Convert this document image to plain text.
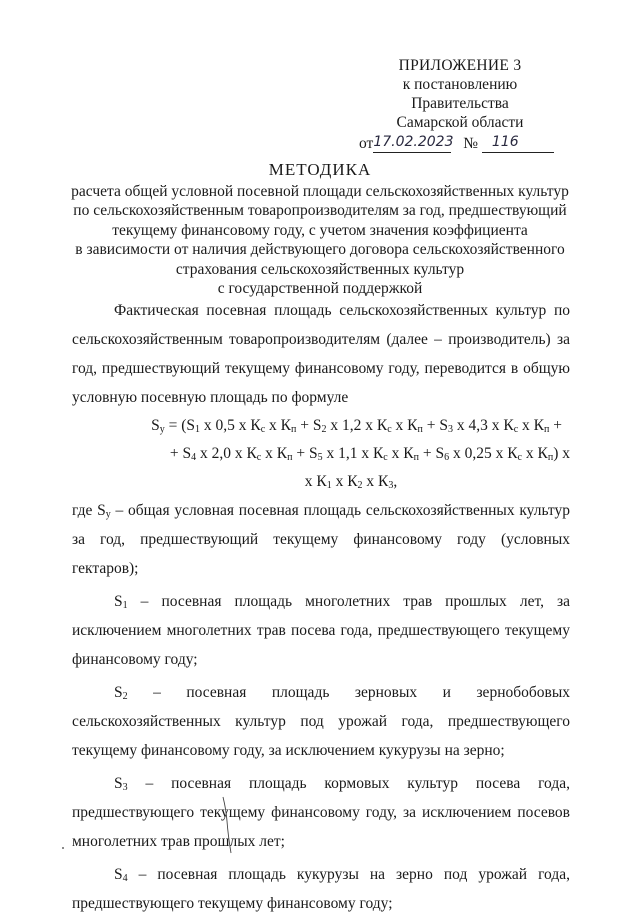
ПРИЛОЖЕНИЕ 3
к постановлению Правительства
Самарской области
от17.02.2023 № 116
МЕТОДИКА
расчета общей условной посевной площади сельскохозяйственных культур
по сельскохозяйственным товаропроизводителям за год, предшествующий
текущему финансовому году, с учетом значения коэффициента
в зависимости от наличия действующего договора сельскохозяйственного
страхования сельскохозяйственных культур
с государственной поддержкой

Фактическая посевная площадь сельскохозяйственных культур по сельскохозяйственным товаропроизводителям (далее – производитель) за год, предшествующий текущему финансовому году, переводится в общую условную посевную площадь по формуле

$S_у = (S_1$ x 0,5 x $К_с$ x $К_п + S_2$ x 1,2 x $К_с$ x $К_п + S_3$ x 4,3 x $К_с$ x $К_п$ +

+ $S_4$ x 2,0 x $К_с$ x $К_п + S_5$ x 1,1 x $К_с$ x $К_п + S_6$ x 0,25 x $К_с$ x $К_п$) x

x $К_1$ x $К_2$ x $К_3$,

где $S_у$ – общая условная посевная площадь сельскохозяйственных культур за год, предшествующий текущему финансовому году (условных гектаров);

$S_1$ – посевная площадь многолетних трав прошлых лет, за исключением многолетних трав посева года, предшествующего текущему финансовому году;

$S_2$ – посевная площадь зерновых и зернобобовых сельскохозяйственных культур под урожай года, предшествующего текущему финансовому году, за исключением кукурузы на зерно;

$S_3$ – посевная площадь кормовых культур посева года, предшествующего текущему финансовому году, за исключением посевов многолетних трав прошлых лет;

$S_4$ – посевная площадь кукурузы на зерно под урожай года, предшествующего текущему финансовому году;
